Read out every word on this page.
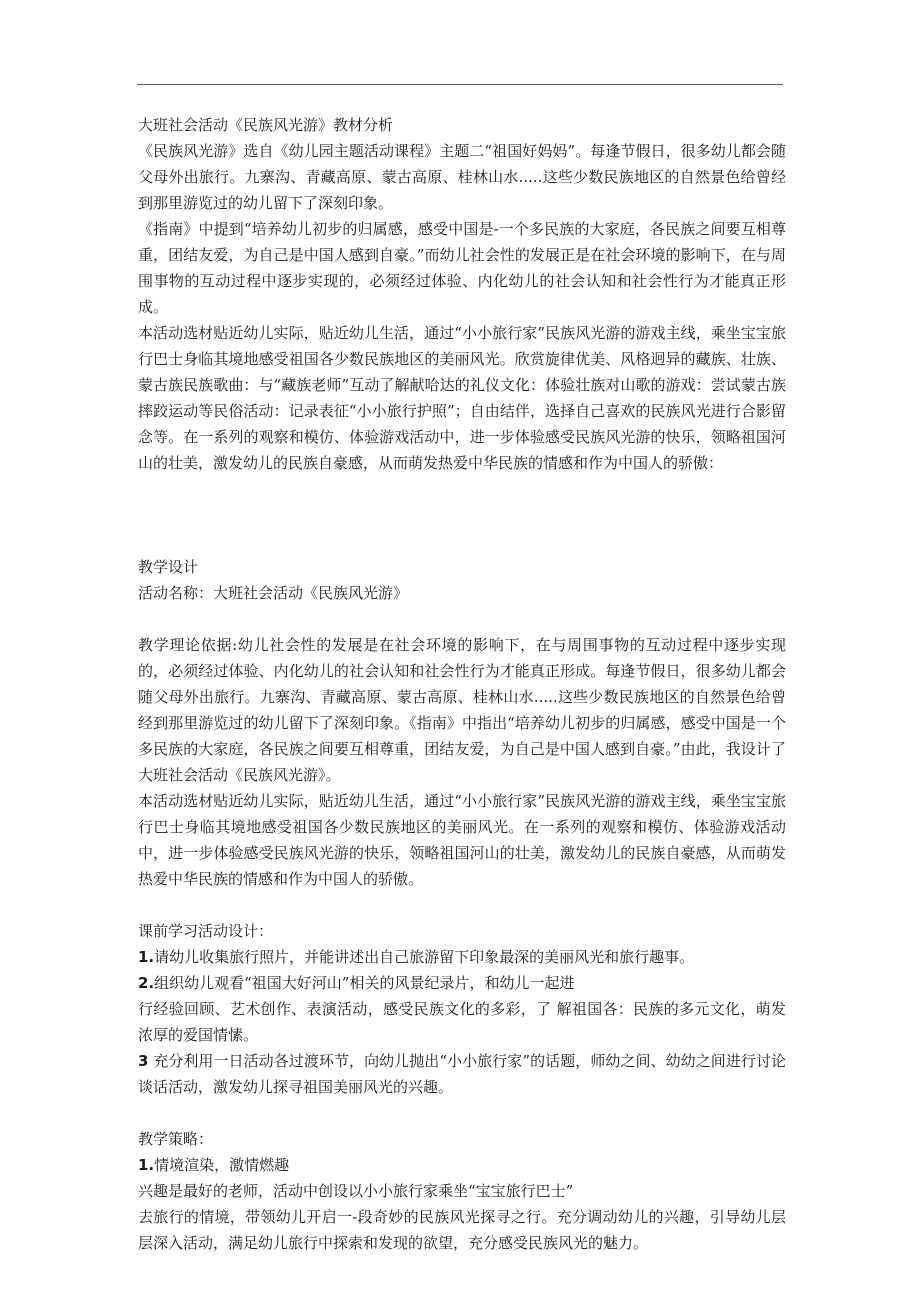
大班社会活动《民族风光游》教材分析

《民族风光游》选自《幼儿园主题活动课程》主题二“祖国好妈妈”。每逢节假日，很多幼儿都会随父母外出旅行。九寨沟、青藏高原、蒙古高原、桂林山水.....这些少数民族地区的自然景色给曾经到那里游览过的幼儿留下了深刻印象。

《指南》中提到“培养幼儿初步的归属感，感受中国是-一个多民族的大家庭，各民族之间要互相尊重，团结友爱，为自己是中国人感到自豪。”而幼儿社会性的发展正是在社会环境的影响下，在与周围事物的互动过程中逐步实现的，必须经过体验、内化幼儿的社会认知和社会性行为才能真正形成。

本活动选材贴近幼儿实际，贴近幼儿生活，通过“小小旅行家”民族风光游的游戏主线，乘坐宝宝旅行巴士身临其境地感受祖国各少数民族地区的美丽风光。欣赏旋律优美、风格迥异的藏族、壮族、蒙古族民族歌曲：与“藏族老师”互动了解献哈达的礼仪文化：体验壮族对山歌的游戏：尝试蒙古族摔跤运动等民俗活动：记录表征“小小旅行护照”；自由结伴，选择自己喜欢的民族风光进行合影留念等。在一系列的观察和模仿、体验游戏活动中，进一步体验感受民族风光游的快乐，领略祖国河山的壮美，激发幼儿的民族自豪感，从而萌发热爱中华民族的情感和作为中国人的骄傲：

教学设计

活动名称：大班社会活动《民族风光游》

教学理论依据:幼儿社会性的发展是在社会环境的影响下，在与周围事物的互动过程中逐步实现的，必须经过体验、内化幼儿的社会认知和社会性行为才能真正形成。每逢节假日，很多幼儿都会随父母外出旅行。九寨沟、青藏高原、蒙古高原、桂林山水.....这些少数民族地区的自然景色给曾经到那里游览过的幼儿留下了深刻印象。《指南》中指出“培养幼儿初步的归属感，感受中国是一个多民族的大家庭，各民族之间要互相尊重，团结友爱，为自己是中国人感到自豪。”由此，我设计了大班社会活动《民族风光游》。

本活动选材贴近幼儿实际，贴近幼儿生活，通过“小小旅行家”民族风光游的游戏主线，乘坐宝宝旅行巴士身临其境地感受祖国各少数民族地区的美丽风光。在一系列的观察和模仿、体验游戏活动中，进一步体验感受民族风光游的快乐，领略祖国河山的壮美，激发幼儿的民族自豪感，从而萌发热爱中华民族的情感和作为中国人的骄傲。

课前学习活动设计：

1.请幼儿收集旅行照片，并能讲述出自己旅游留下印象最深的美丽风光和旅行趣事。

2.组织幼儿观看“祖国大好河山”相关的风景纪录片，和幼儿一起进

行经验回顾、艺术创作、表演活动，感受民族文化的多彩，了 解祖国各：民族的多元文化，萌发浓厚的爱国情愫。

3 充分利用一日活动各过渡环节，向幼儿抛出“小小旅行家”的话题，师幼之间、幼幼之间进行讨论谈话活动，激发幼儿探寻祖国美丽风光的兴趣。

教学策略：

1.情境渲染，激情燃趣

兴趣是最好的老师，活动中创设以小小旅行家乘坐“宝宝旅行巴士”

去旅行的情境，带领幼儿开启一-段奇妙的民族风光探寻之行。充分调动幼儿的兴趣，引导幼儿层层深入活动，满足幼儿旅行中探索和发现的欲望，充分感受民族风光的魅力。
